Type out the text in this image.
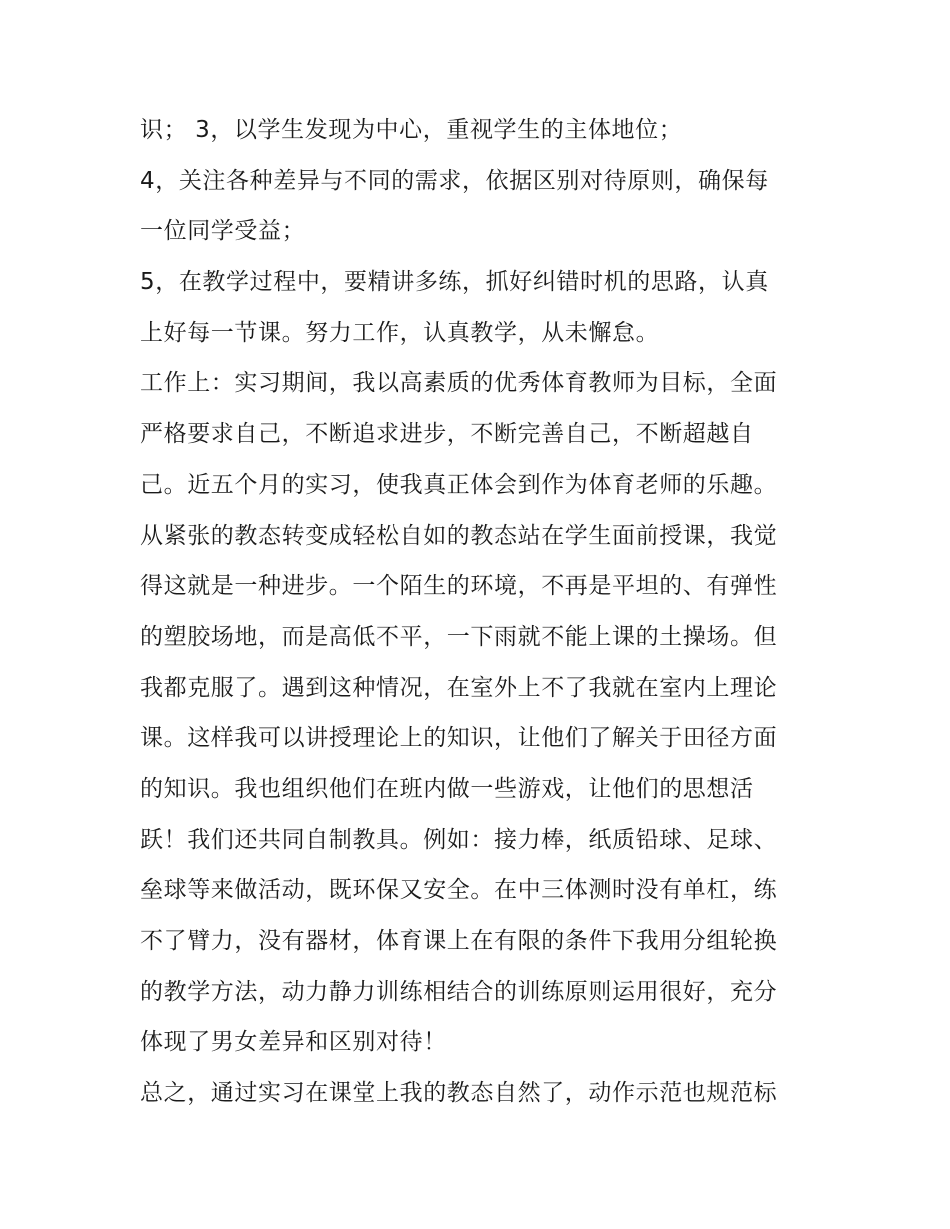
识； 3，以学生发现为中心，重视学生的主体地位；
4，关注各种差异与不同的需求，依据区别对待原则，确保每
一位同学受益；
5，在教学过程中，要精讲多练，抓好纠错时机的思路，认真
上好每一节课。努力工作，认真教学，从未懈怠。
工作上：实习期间，我以高素质的优秀体育教师为目标，全面
严格要求自己，不断追求进步，不断完善自己，不断超越自
己。近五个月的实习，使我真正体会到作为体育老师的乐趣。
从紧张的教态转变成轻松自如的教态站在学生面前授课，我觉
得这就是一种进步。一个陌生的环境，不再是平坦的、有弹性
的塑胶场地，而是高低不平，一下雨就不能上课的土操场。但
我都克服了。遇到这种情况，在室外上不了我就在室内上理论
课。这样我可以讲授理论上的知识，让他们了解关于田径方面
的知识。我也组织他们在班内做一些游戏，让他们的思想活
跃！我们还共同自制教具。例如：接力棒，纸质铅球、足球、
垒球等来做活动，既环保又安全。在中三体测时没有单杠，练
不了臂力，没有器材，体育课上在有限的条件下我用分组轮换
的教学方法，动力静力训练相结合的训练原则运用很好，充分
体现了男女差异和区别对待！
总之，通过实习在课堂上我的教态自然了，动作示范也规范标
